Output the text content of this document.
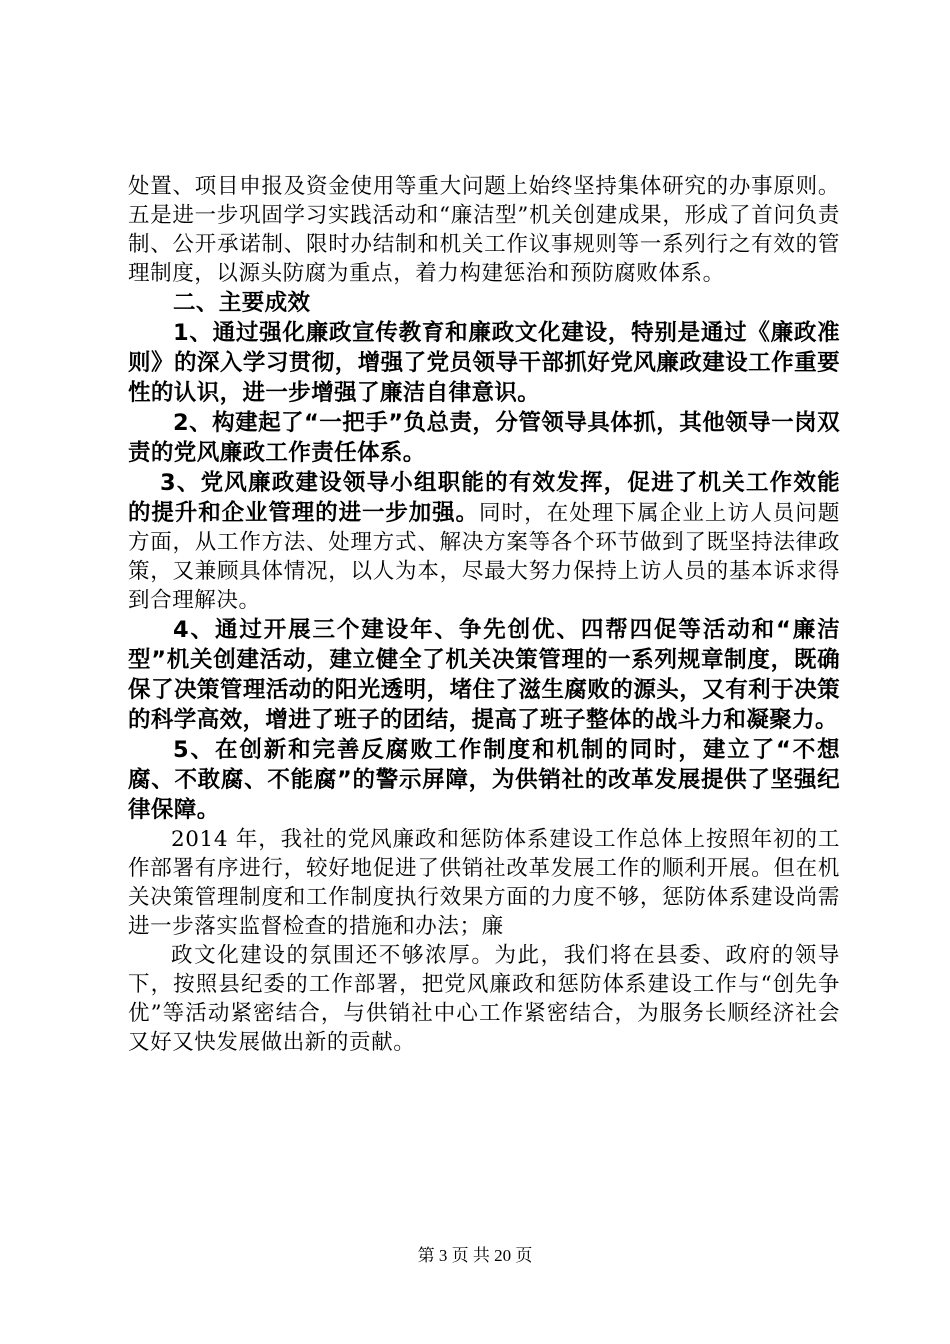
处置、项目申报及资金使用等重大问题上始终坚持集体研究的办事原则。五是进一步巩固学习实践活动和“廉洁型”机关创建成果，形成了首问负责制、公开承诺制、限时办结制和机关工作议事规则等一系列行之有效的管理制度，以源头防腐为重点，着力构建惩治和预防腐败体系。

二、主要成效

1、通过强化廉政宣传教育和廉政文化建设，特别是通过《廉政准则》的深入学习贯彻，增强了党员领导干部抓好党风廉政建设工作重要性的认识，进一步增强了廉洁自律意识。

2、构建起了“一把手”负总责，分管领导具体抓，其他领导一岗双责的党风廉政工作责任体系。

3、党风廉政建设领导小组职能的有效发挥，促进了机关工作效能的提升和企业管理的进一步加强。同时，在处理下属企业上访人员问题方面，从工作方法、处理方式、解决方案等各个环节做到了既坚持法律政策，又兼顾具体情况，以人为本，尽最大努力保持上访人员的基本诉求得到合理解决。

4、通过开展三个建设年、争先创优、四帮四促等活动和“廉洁型”机关创建活动，建立健全了机关决策管理的一系列规章制度，既确保了决策管理活动的阳光透明，堵住了滋生腐败的源头，又有利于决策的科学高效，增进了班子的团结，提高了班子整体的战斗力和凝聚力。

5、在创新和完善反腐败工作制度和机制的同时，建立了“不想腐、不敢腐、不能腐”的警示屏障，为供销社的改革发展提供了坚强纪律保障。

2014 年，我社的党风廉政和惩防体系建设工作总体上按照年初的工作部署有序进行，较好地促进了供销社改革发展工作的顺利开展。但在机关决策管理制度和工作制度执行效果方面的力度不够，惩防体系建设尚需进一步落实监督检查的措施和办法；廉

政文化建设的氛围还不够浓厚。为此，我们将在县委、政府的领导下，按照县纪委的工作部署，把党风廉政和惩防体系建设工作与“创先争优”等活动紧密结合，与供销社中心工作紧密结合，为服务长顺经济社会又好又快发展做出新的贡献。

第 3 页 共 20 页
